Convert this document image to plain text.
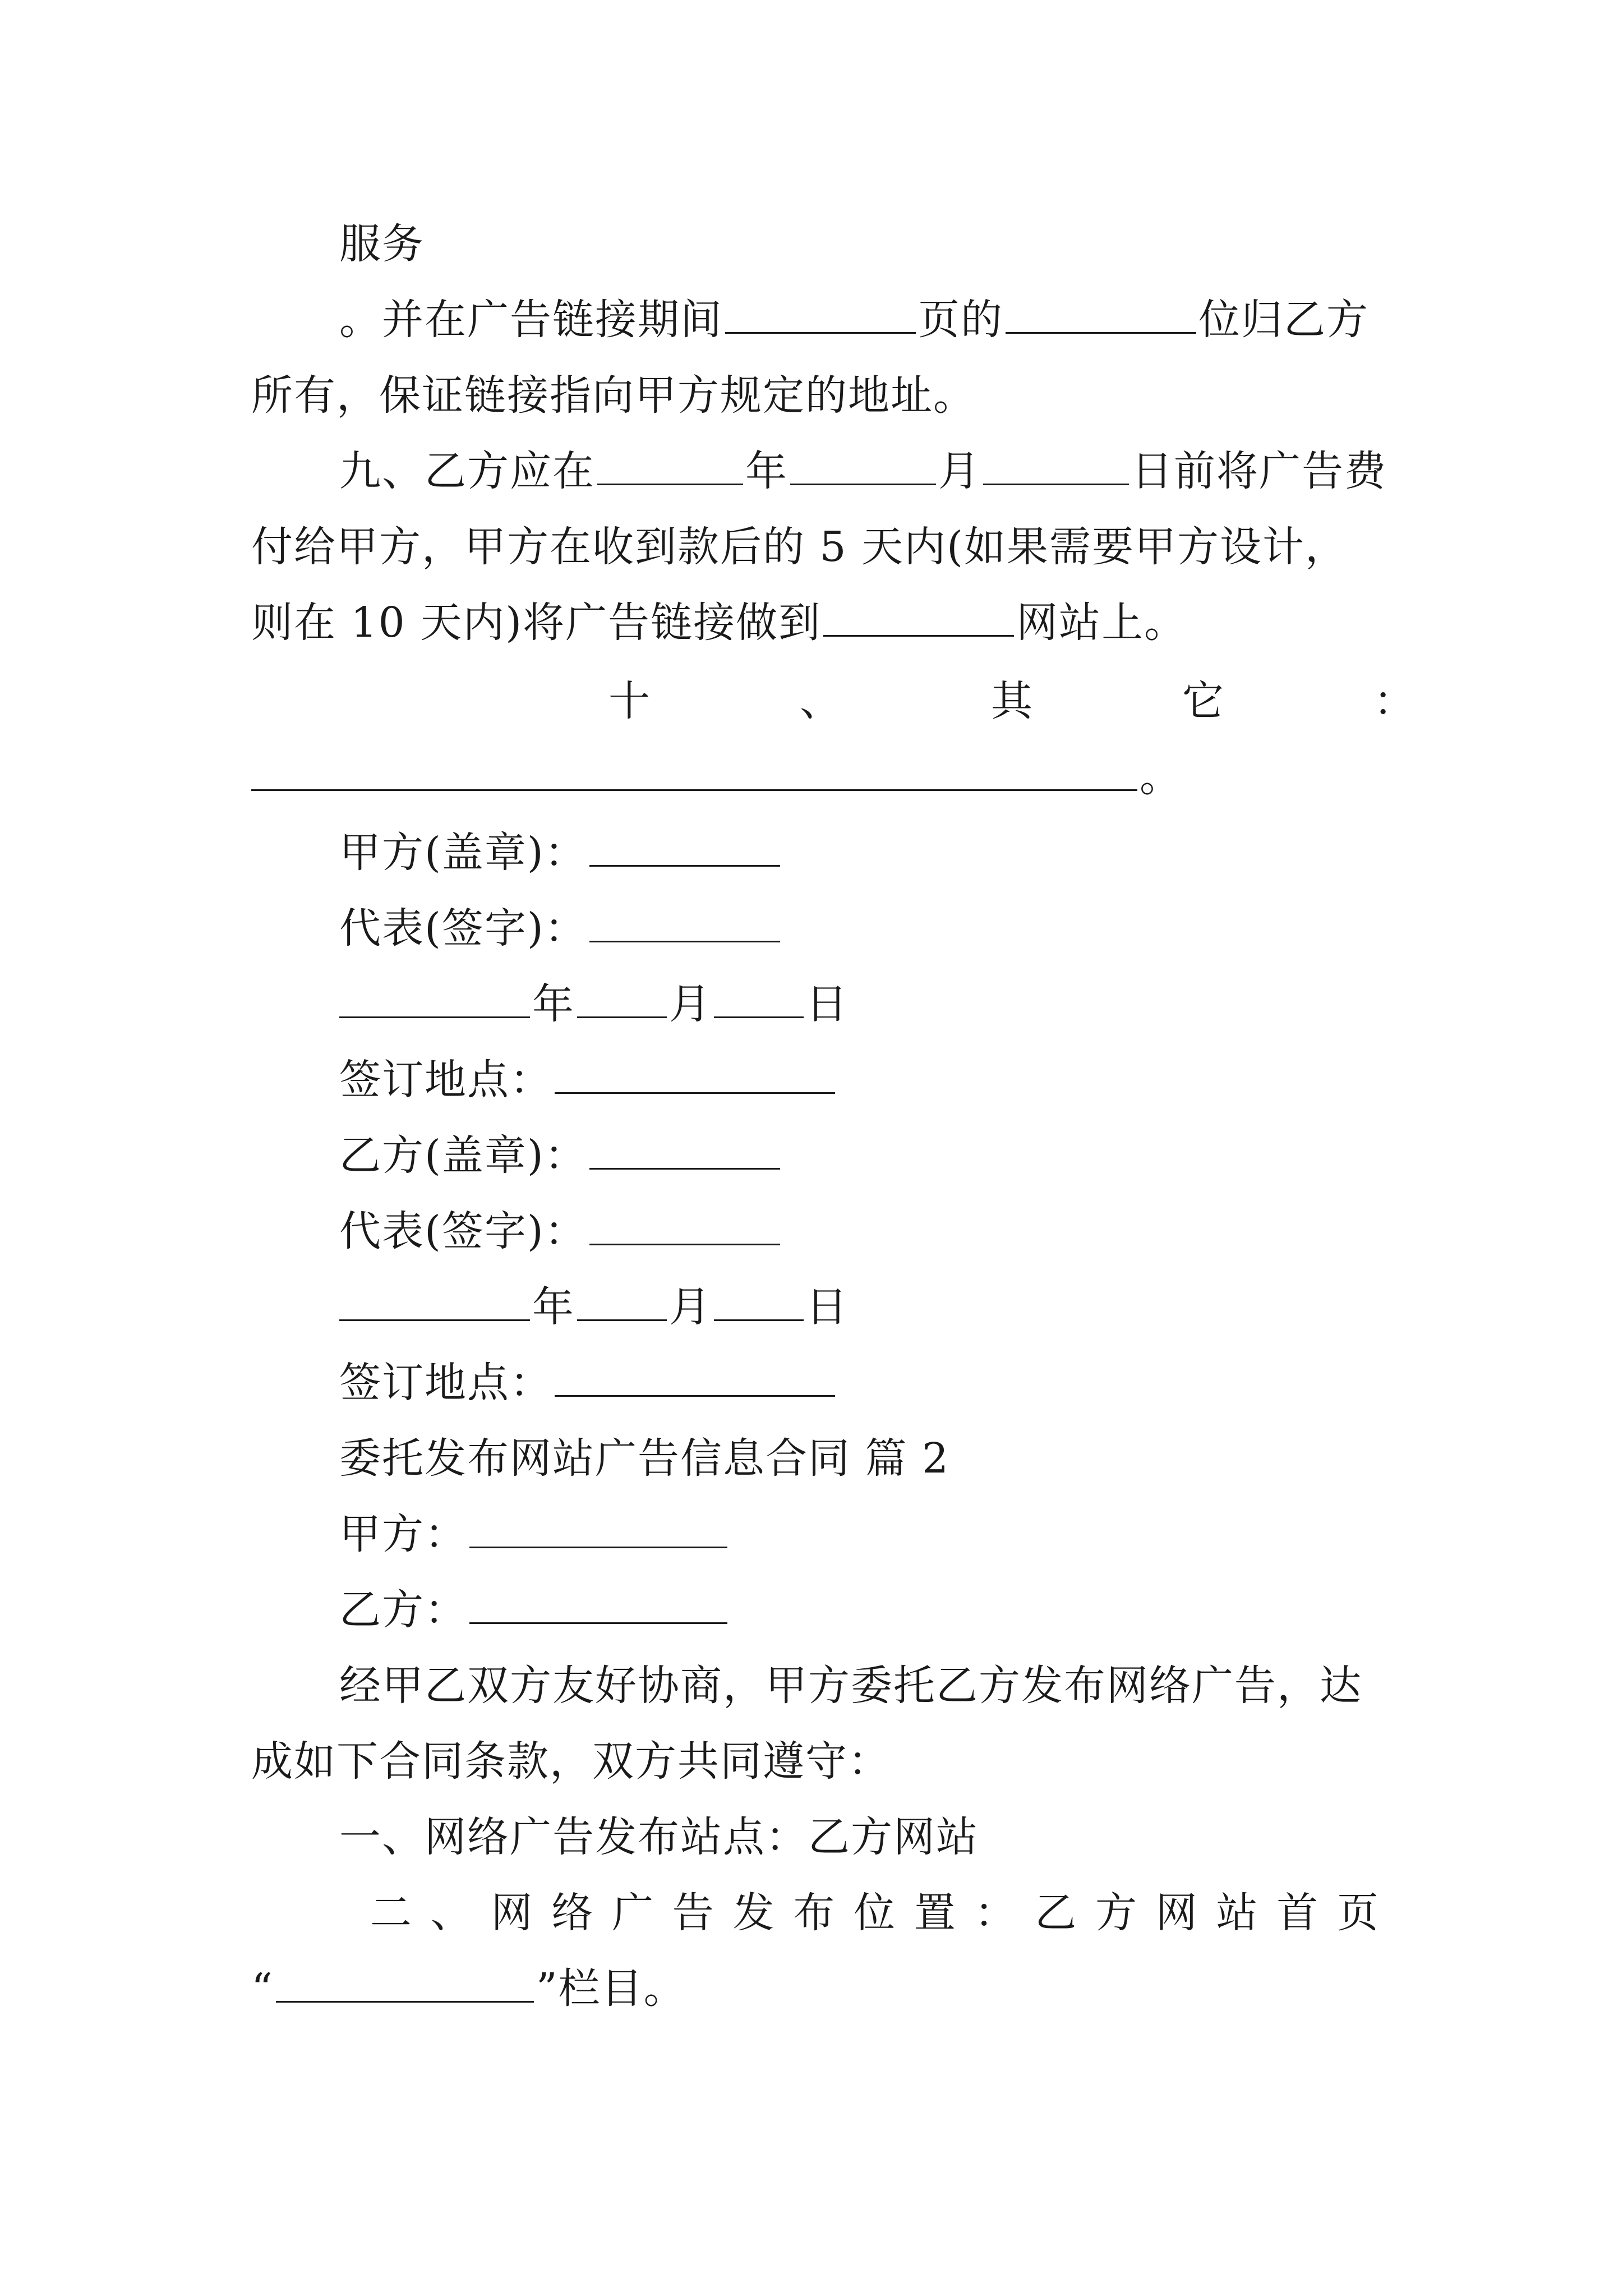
服务
。并在广告链接期间	页的	位归乙方
所有，保证链接指向甲方规定的地址。
九、乙方应在	年	月	日前将广告费
付给甲方，甲方在收到款后的 5 天内(如果需要甲方设计，
则在 10 天内)将广告链接做到	网站上。
十	、	其	它	：
。
甲方(盖章)：
代表(签字)：
年 月 日
签订地点：
乙方(盖章)：
代表(签字)：
年 月 日
签订地点：
委托发布网站广告信息合同 篇 2
甲方：
乙方：
经甲乙双方友好协商，甲方委托乙方发布网络广告，达
成如下合同条款，双方共同遵守：
一、网络广告发布站点：乙方网站
二 、 网 络 广 告 发 布 位 置 ： 乙 方 网 站 首 页
“	”栏目。
